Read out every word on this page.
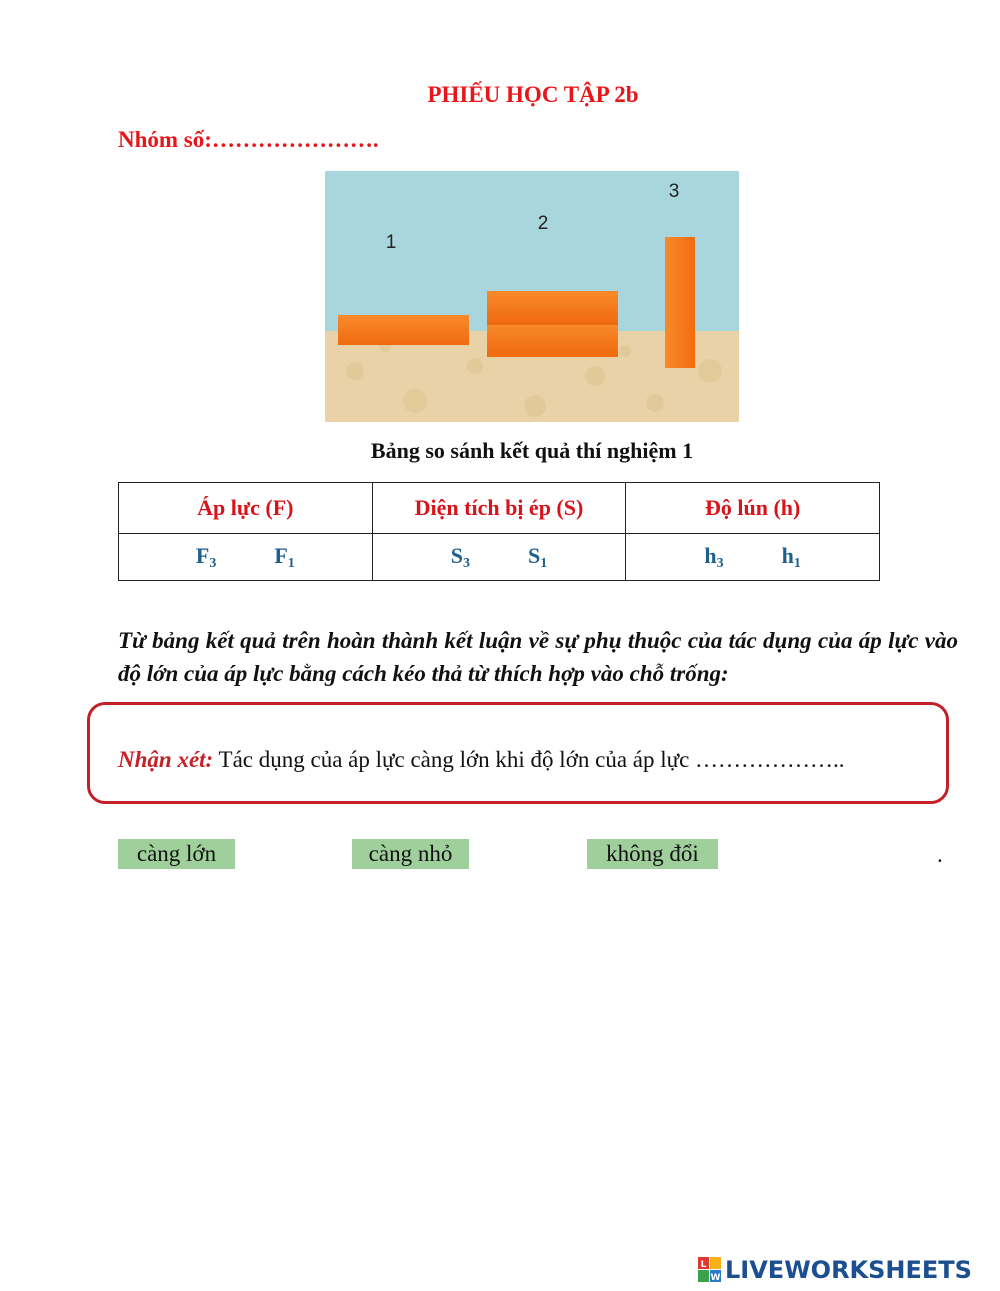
PHIẾU HỌC TẬP 2b
Nhóm số:………………….
1
2
3
Bảng so sánh kết quả thí nghiệm 1
Áp lực (F)	Diện tích bị ép (S)	Độ lún (h)

$F_3$ $F_1$	$S_3$ $S_1$	$h_3$ $h_1$
Từ bảng kết quả trên hoàn thành kết luận về sự phụ thuộc của tác dụng của áp lực vào độ lớn của áp lực bằng cách kéo thả từ thích hợp vào chỗ trống:
Nhận xét: Tác dụng của áp lực càng lớn khi độ lớn của áp lực ………………..
càng lớn	càng nhỏ	không đổi	.
L
W LIVEWORKSHEETS
